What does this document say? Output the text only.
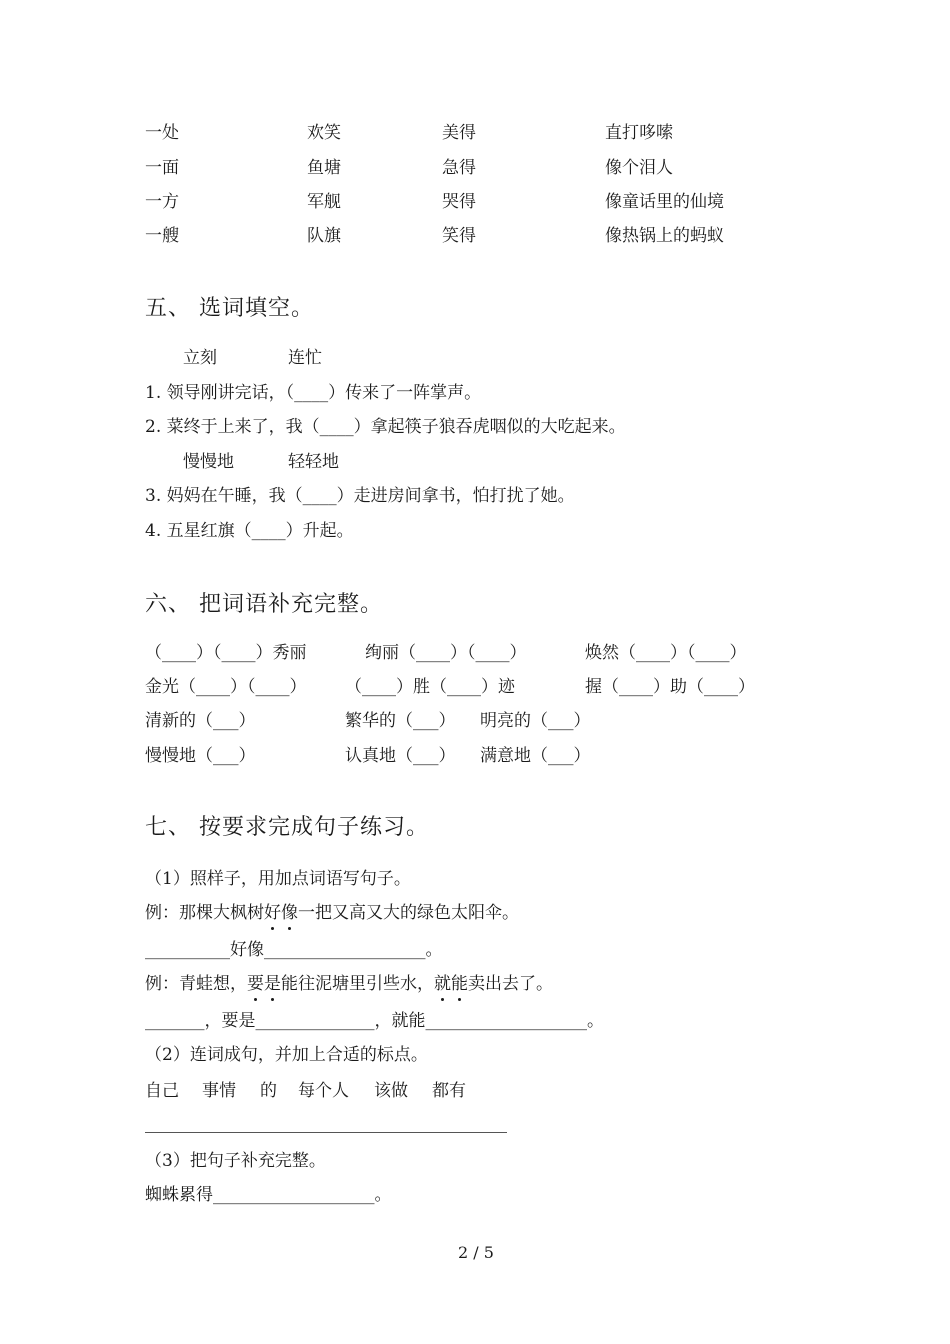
一处	欢笑	美得	直打哆嗦
一面	鱼塘	急得	像个泪人
一方	军舰	哭得	像童话里的仙境
一艘	队旗	笑得	像热锅上的蚂蚁
五、 选词填空。
立刻	连忙
1. 领导刚讲完话，（____）传来了一阵掌声。
2. 菜终于上来了，我（____）拿起筷子狼吞虎咽似的大吃起来。
慢慢地	轻轻地
3. 妈妈在午睡，我（____）走进房间拿书，怕打扰了她。
4. 五星红旗（____）升起。
六、 把词语补充完整。
（____）（____）秀丽	绚丽（____）（____）	焕然（____）（____）
金光（____）（____） （____）胜（____）迹	握（____）助（____）
清新的（___）	繁华的（___） 明亮的（___）
慢慢地（___）	认真地（___） 满意地（___）
七、 按要求完成句子练习。
（1）照样子，用加点词语写句子。
例：那棵大枫树好像一把又高又大的绿色太阳伞。
__________好像___________________。
例：青蛙想，要是能往泥塘里引些水，就能卖出去了。
_______，要是______________，就能___________________。
（2）连词成句，并加上合适的标点。
自己 事情 的 每个人 该做 都有
（3）把句子补充完整。
蜘蛛累得___________________。
2 / 5
